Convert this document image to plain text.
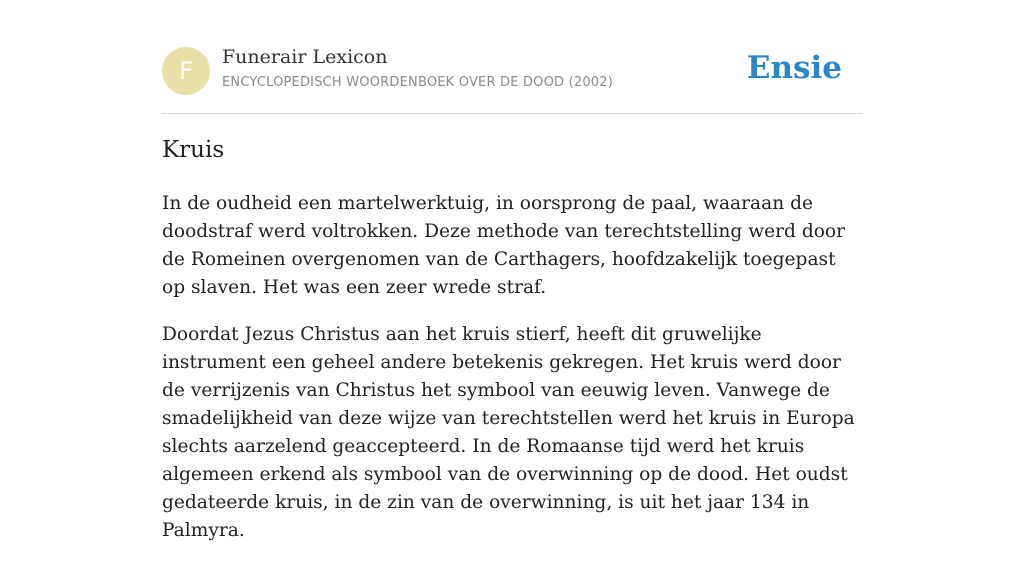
F	Funerair Lexicon
ENCYCLOPEDISCH WOORDENBOEK OVER DE DOOD (2002)	Ensie
Kruis

In de oudheid een martelwerktuig, in oorsprong de paal, waaraan de doodstraf werd voltrokken. Deze methode van terechtstelling werd door de Romeinen overgenomen van de Carthagers, hoofdzakelijk toegepast op slaven. Het was een zeer wrede straf.

Doordat Jezus Christus aan het kruis stierf, heeft dit gruwelijke instrument een geheel andere betekenis gekregen. Het kruis werd door de verrijzenis van Christus het symbool van eeuwig leven. Vanwege de smadelijkheid van deze wijze van terechtstellen werd het kruis in Europa slechts aarzelend geaccepteerd. In de Romaanse tijd werd het kruis algemeen erkend als symbool van de overwinning op de dood. Het oudst gedateerde kruis, in de zin van de overwinning, is uit het jaar 134 in Palmyra.
